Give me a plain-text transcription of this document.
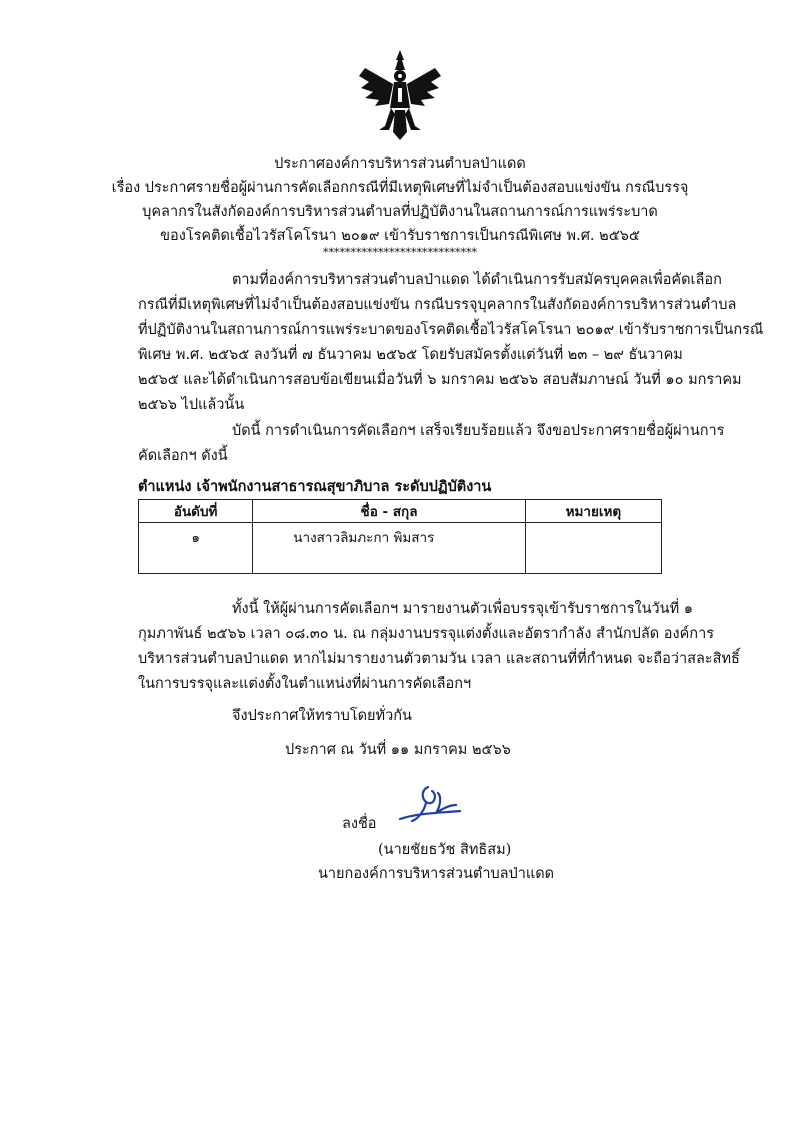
ประกาศองค์การบริหารส่วนตำบลป่าแดด
เรื่อง ประกาศรายชื่อผู้ผ่านการคัดเลือกกรณีที่มีเหตุพิเศษที่ไม่จำเป็นต้องสอบแข่งขัน กรณีบรรจุ
บุคลากรในสังกัดองค์การบริหารส่วนตำบลที่ปฏิบัติงานในสถานการณ์การแพร่ระบาด
ของโรคติดเชื้อไวรัสโคโรนา ๒๐๑๙ เข้ารับราชการเป็นกรณีพิเศษ พ.ศ. ๒๕๖๕
****************************
ตามที่องค์การบริหารส่วนตำบลป่าแดด ได้ดำเนินการรับสมัครบุคคลเพื่อคัดเลือก
กรณีที่มีเหตุพิเศษที่ไม่จำเป็นต้องสอบแข่งขัน กรณีบรรจุบุคลากรในสังกัดองค์การบริหารส่วนตำบล
ที่ปฏิบัติงานในสถานการณ์การแพร่ระบาดของโรคติดเชื้อไวรัสโคโรนา ๒๐๑๙ เข้ารับราชการเป็นกรณี
พิเศษ พ.ศ. ๒๕๖๕ ลงวันที่ ๗ ธันวาคม ๒๕๖๕ โดยรับสมัครตั้งแต่วันที่ ๒๓ – ๒๙ ธันวาคม
๒๕๖๕ และได้ดำเนินการสอบข้อเขียนเมื่อวันที่ ๖ มกราคม ๒๕๖๖ สอบสัมภาษณ์ วันที่ ๑๐ มกราคม
๒๕๖๖ ไปแล้วนั้น
บัดนี้ การดำเนินการคัดเลือกฯ เสร็จเรียบร้อยแล้ว จึงขอประกาศรายชื่อผู้ผ่านการ
คัดเลือกฯ ดังนี้
ตำแหน่ง เจ้าพนักงานสาธารณสุขาภิบาล ระดับปฏิบัติงาน
อันดับที่	ชื่อ - สกุล	หมายเหตุ
๑	นางสาวลิมภะกา พิมสาร	
ทั้งนี้ ให้ผู้ผ่านการคัดเลือกฯ มารายงานตัวเพื่อบรรจุเข้ารับราชการในวันที่ ๑
กุมภาพันธ์ ๒๕๖๖ เวลา ๐๘.๓๐ น. ณ กลุ่มงานบรรจุแต่งตั้งและอัตรากำลัง สำนักปลัด องค์การ
บริหารส่วนตำบลป่าแดด หากไม่มารายงานตัวตามวัน เวลา และสถานที่ที่กำหนด จะถือว่าสละสิทธิ์
ในการบรรจุและแต่งตั้งในตำแหน่งที่ผ่านการคัดเลือกฯ
จึงประกาศให้ทราบโดยทั่วกัน
ประกาศ ณ วันที่ ๑๑ มกราคม ๒๕๖๖
ลงชื่อ
(นายชัยธวัช สิทธิสม)
นายกองค์การบริหารส่วนตำบลป่าแดด
